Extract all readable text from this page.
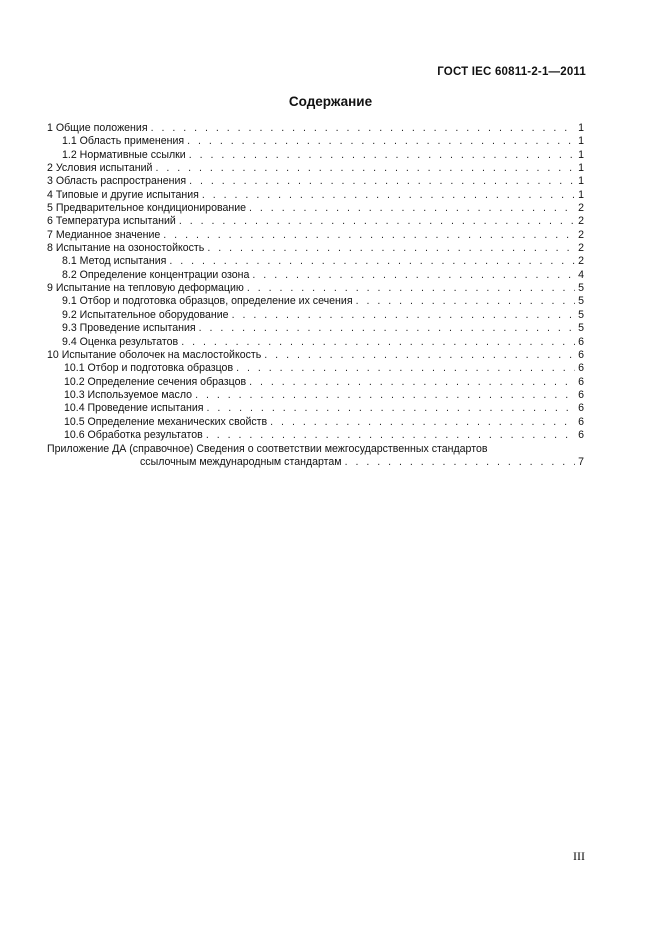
ГОСТ IEC 60811-2-1—2011
Содержание
1 Общие положения . . .	1
1.1 Область применения . . .	1
1.2 Нормативные ссылки . . .	1
2 Условия испытаний . . .	1
3 Область распространения . . .	1
4 Типовые и другие испытания . . .	1
5 Предварительное кондиционирование . . .	2
6 Температура испытаний . . .	2
7 Медианное значение . . .	2
8 Испытание на озоностойкость . . .	2
8.1 Метод испытания . . .	2
8.2 Определение концентрации озона . . .	4
9 Испытание на тепловую деформацию . . .	5
9.1 Отбор и подготовка образцов, определение их сечения . . .	5
9.2 Испытательное оборудование . . .	5
9.3 Проведение испытания . . .	5
9.4 Оценка результатов . . .	6
10 Испытание оболочек на маслостойкость . . .	6
10.1 Отбор и подготовка образцов . . .	6
10.2 Определение сечения образцов . . .	6
10.3 Используемое масло . . .	6
10.4 Проведение испытания . . .	6
10.5 Определение механических свойств . . .	6
10.6 Обработка результатов . . .	6
Приложение ДА (справочное) Сведения о соответствии межгосударственных стандартов
ссылочным международным стандартам . . .	7
III
